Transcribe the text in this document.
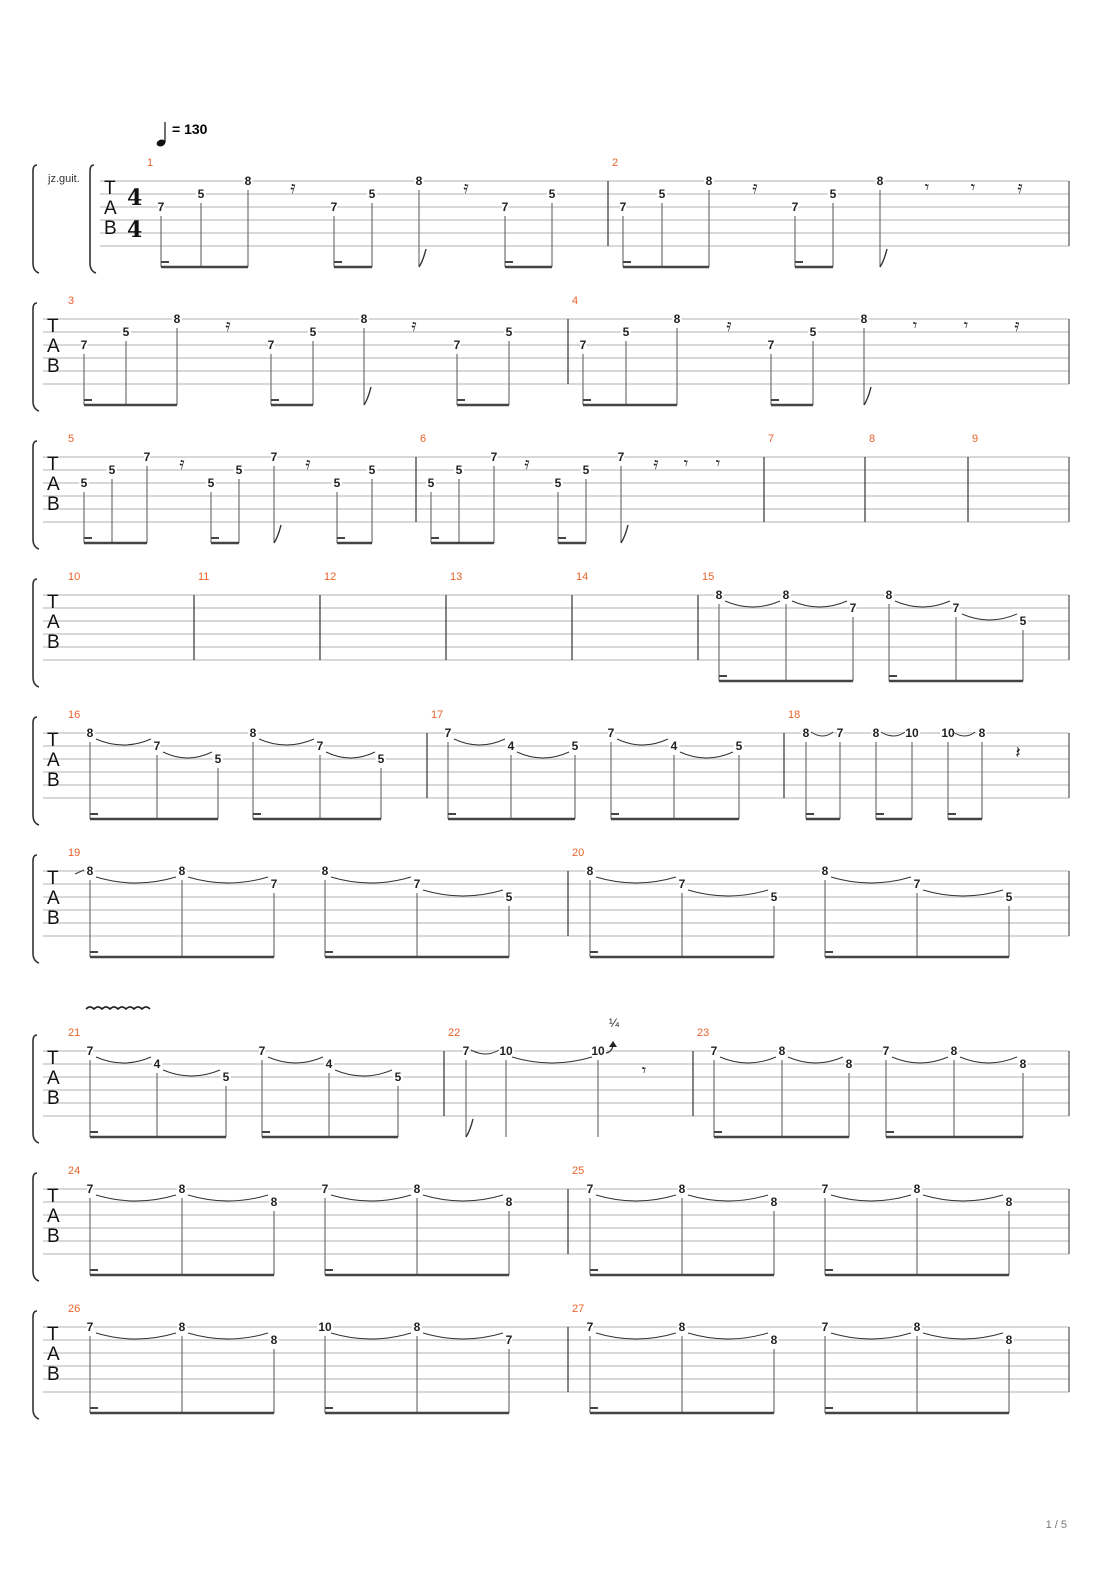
= 130
jz.guit. T
A
B
4
4
1
7
5
8
7
5
8
7
5
𝄿	𝄿
2
7
5
8
7
5
8
𝄿	𝄾 𝄾 𝄿
T
A
B
3
7
5
8
7
5
8
7
5
𝄿	𝄿
4
7
5
8
7
5
8
𝄿	𝄾	𝄾	𝄿
T
A
B
5
5
5
7
5
5
7
5
5
𝄿	𝄿
6
5
5
7
5
5
7
𝄿	𝄿 𝄾 𝄾
7	8	9
T
A
B
10	11	12	13	14	15
8	8
7
8
7
5
T
A
B
16
8
7
5
8
7
5
17
7
4	5
7
4	5
18
8 7 8 10 10 8
𝄽
T
A
B
19
8	8
7
8
7
5
20
8
7
5
8
7
5
T
A
B
21
7
4
5
7
4
5
22
7 10	10
𝄾
¼
23
7	8
8
7	8
8
T
A
B
24
7	8
8
7	8
8
25
7	8
8
7	8
8
T
A
B
26
7	8
8
10	8
7
27
7	8
8
7	8
8
1 / 5
